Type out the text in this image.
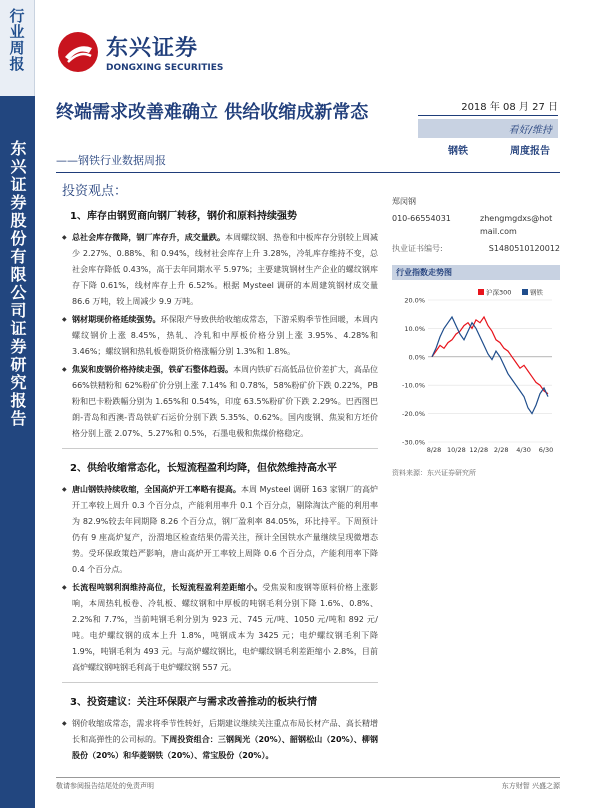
行业周报
东兴证券股份有限公司证券研究报告
东兴证券
DONGXING SECURITIES
终端需求改善难确立 供给收缩成新常态
——钢铁行业数据周报
2018 年 08 月 27 日
看好/维持
钢铁	周度报告
投资观点：
1、库存由钢贸商向钢厂转移，钢价和原料持续强势
◆ 总社会库存微降，钢厂库存升，成交量跌。本周螺纹钢、热卷和中板库存分别较上周减少 2.27%、0.88%、和 0.94%，线材社会库存上升 3.28%，冷轧库存维持不变，总社会库存降低 0.43%，高于去年同期水平 5.97%；主要建筑钢材生产企业的螺纹钢库存下降 0.61%，线材库存上升 6.52%。根据 Mysteel 调研的本周建筑钢材成交量 86.6 万吨，较上周减少 9.9 万吨。
◆ 钢材期现价格延续强势。环保限产导致供给收缩成常态，下游采购季节性回暖，本周内螺纹钢价上涨 8.45%，热轧、冷轧和中厚板价格分别上涨 3.95%、4.28%和 3.46%；螺纹钢和热轧板卷期货价格涨幅分别 1.3%和 1.8%。
◆ 焦炭和废钢价格持续走强，铁矿石整体趋弱。本周内铁矿石高低品位价差扩大，高品位 66%铁精粉和 62%粉矿价分别上涨 7.14% 和 0.78%，58%粉矿价下跌 0.22%，PB 粉和巴卡粉跌幅分别为 1.65%和 0.54%，印度 63.5%粉矿价下跌 2.29%。巴西图巴朗-青岛和西澳-青岛铁矿石运价分别下跌 5.35%、0.62%。国内废钢、焦炭和方坯价格分别上涨 2.07%、5.27%和 0.5%，石墨电极和焦煤价格稳定。
2、供给收缩常态化，长短流程盈利均降，但依然维持高水平
◆ 唐山钢铁持续收缩，全国高炉开工率略有提高。本周 Mysteel 调研 163 家钢厂的高炉开工率较上周升 0.3 个百分点，产能利用率升 0.1 个百分点，剔除淘汰产能的利用率为 82.9%较去年同期降 8.26 个百分点，钢厂盈利率 84.05%，环比持平。下周预计仍有 9 座高炉复产，汾渭地区检查结果仍需关注，预计全国铁水产量继续呈现微增态势。受环保政策趋严影响，唐山高炉开工率较上周降 0.6 个百分点，产能利用率下降 0.4 个百分点。
◆ 长流程吨钢利润维持高位，长短流程盈利差距缩小。受焦炭和废钢等原料价格上涨影响，本周热轧板卷、冷轧板、螺纹钢和中厚板的吨钢毛利分别下降 1.6%、0.8%、2.2%和 7.7%，当前吨钢毛利分别为 923 元、745 元/吨、1050 元/吨和 892 元/吨。电炉螺纹钢的成本上升 1.8%，吨钢成本为 3425 元；电炉螺纹钢毛利下降 1.9%，吨钢毛利为 493 元。与高炉螺纹钢比，电炉螺纹钢毛利差距缩小 2.8%，目前高炉螺纹钢吨钢毛利高于电炉螺纹钢 557 元。
3、投资建议：关注环保限产与需求改善推动的板块行情
◆ 钢价收缩成常态，需求将季节性转好，后期建议继续关注重点布局长材产品、高长精增长和高弹性的公司标的。下周投资组合：三钢闽光（20%）、韶钢松山（20%）、柳钢股份（20%）和华菱钢铁（20%）、常宝股份（20%）。
郑闵钢
010-66554031	zhengmgdxs@hotmail.com
执业证书编号:	S1480510120012
行业指数走势图
20.0%
10.0%
0.0%
-10.0%
-20.0%
-30.0%
8/28 10/28 12/28 2/28 4/30 6/30
沪深300	钢铁
资料来源：东兴证券研究所
敬请参阅报告结尾处的免责声明	东方财智 兴盛之源
